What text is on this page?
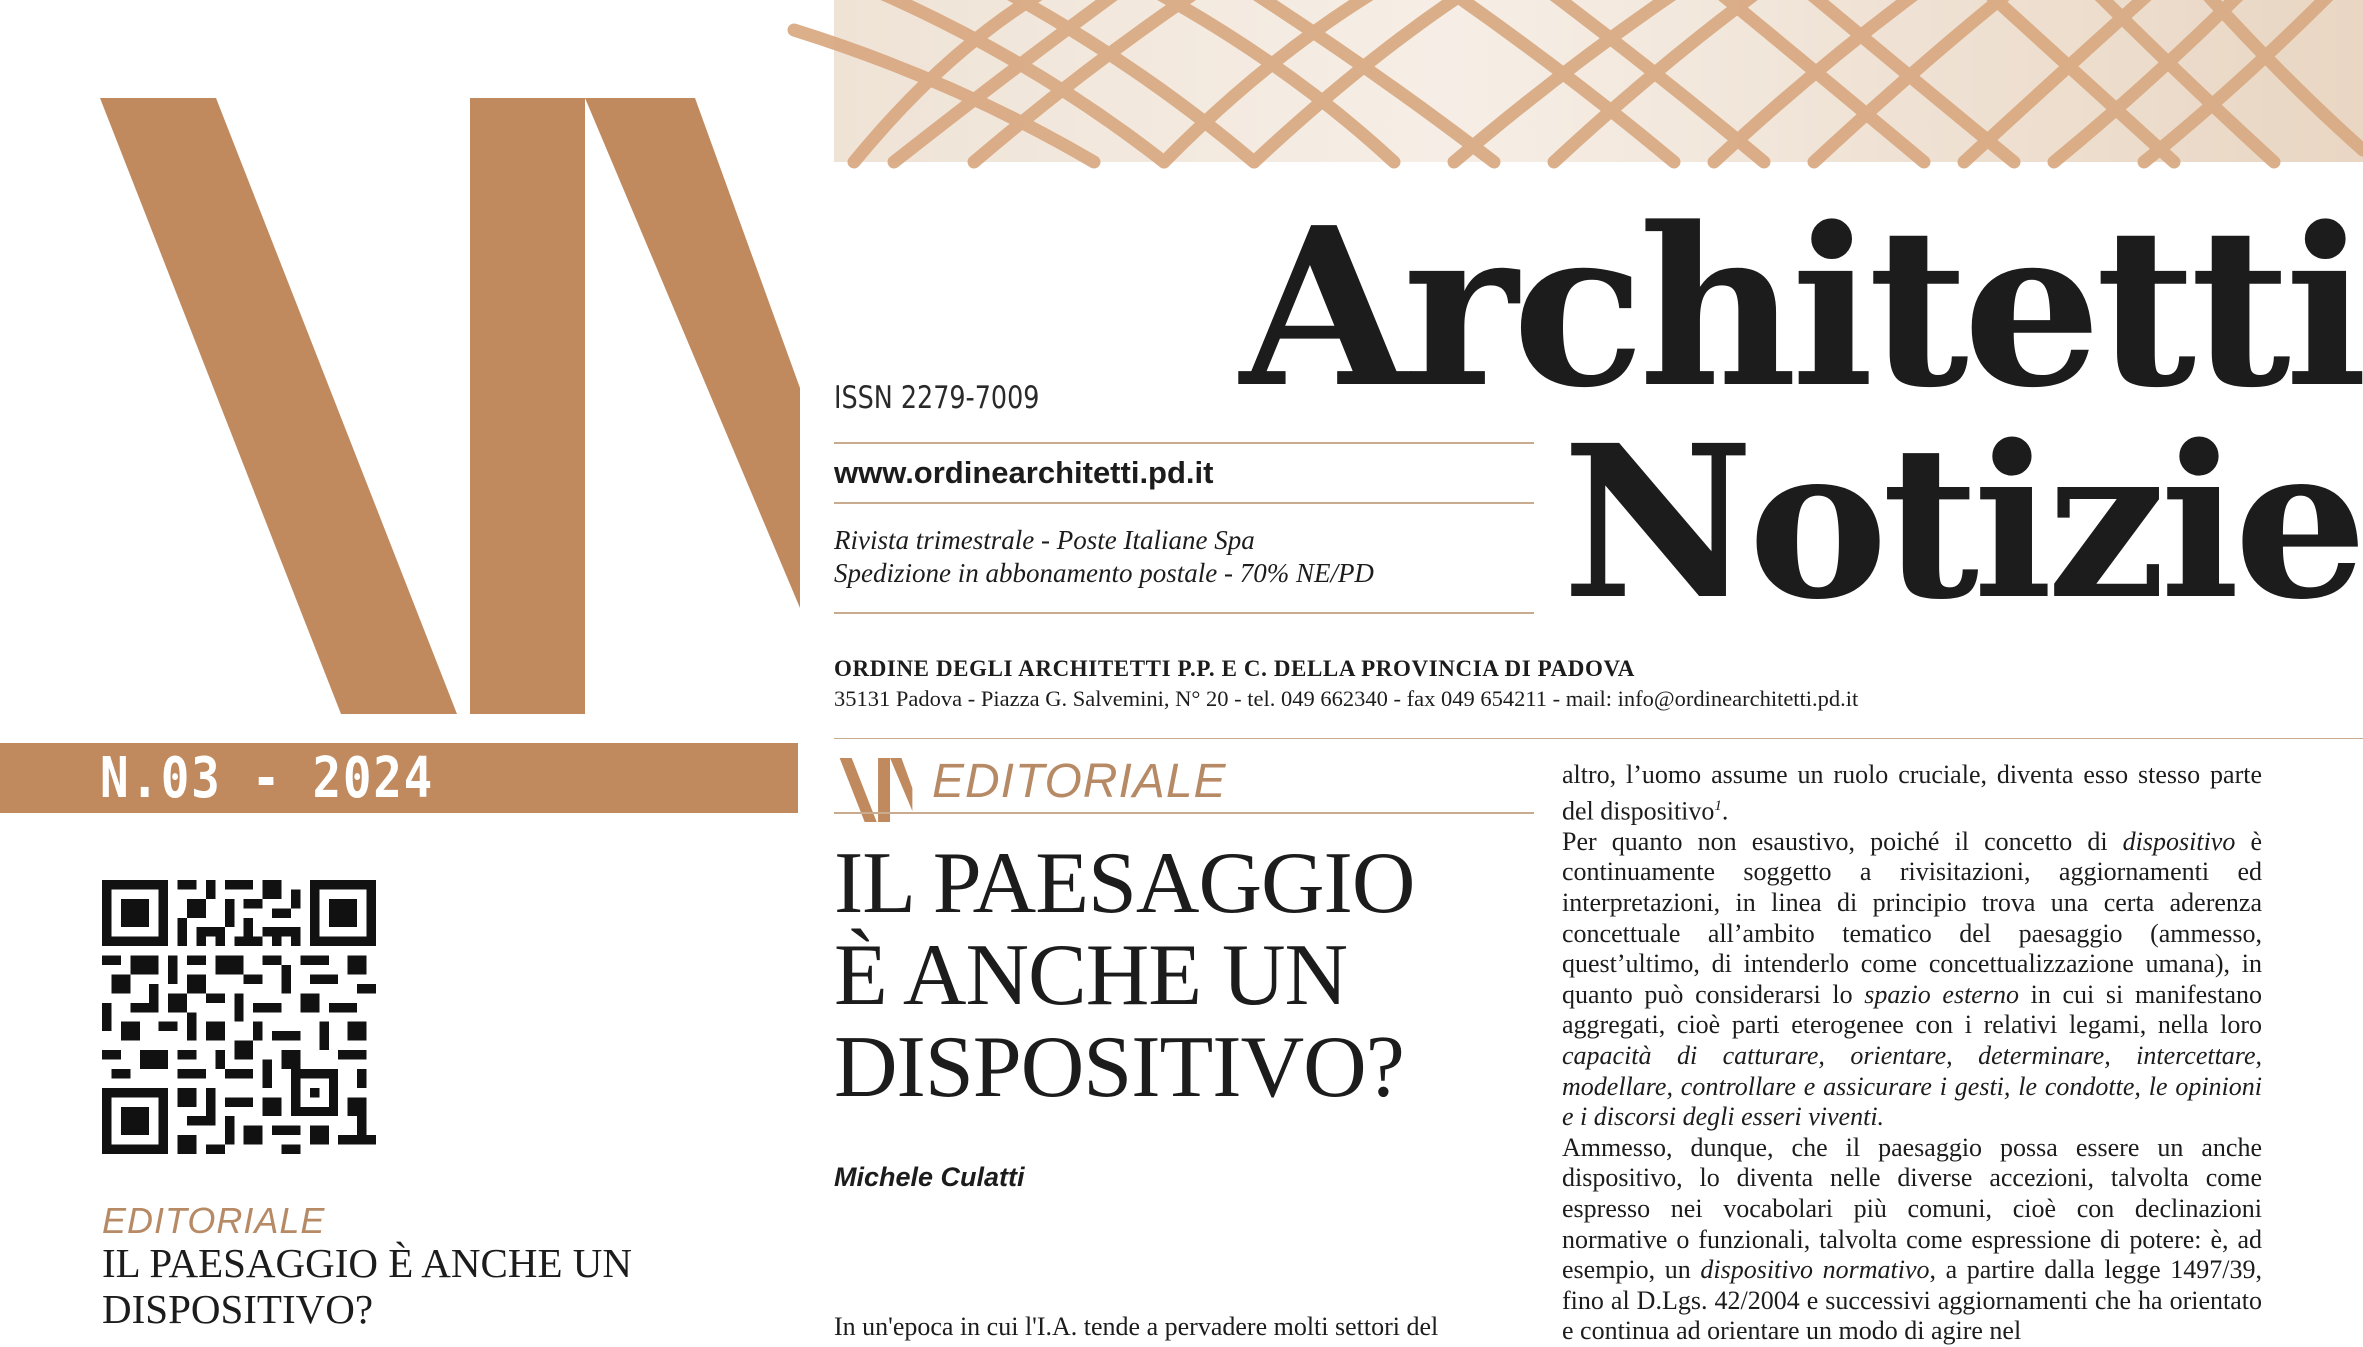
N.03 - 2024
EDITORIALE
IL PAESAGGIO È ANCHE UN DISPOSITIVO?
Architetti
Notizie
ISSN 2279-7009
www.ordinearchitetti.pd.it
Rivista trimestrale - Poste Italiane Spa
Spedizione in abbonamento postale - 70% NE/PD
ORDINE DEGLI ARCHITETTI P.P. E C. DELLA PROVINCIA DI PADOVA
35131 Padova - Piazza G. Salvemini, N° 20 - tel. 049 662340 - fax 049 654211 - mail: info@ordinearchitetti.pd.it
EDITORIALE
IL PAESAGGIO
È ANCHE UN
DISPOSITIVO?
Michele Culatti
In un'epoca in cui l'I.A. tende a pervadere molti settori del

altro, l’uomo assume un ruolo cruciale, diventa esso stesso parte del dispositivo$^1$.

Per quanto non esaustivo, poiché il concetto di dispositivo è continuamente soggetto a rivisitazioni, aggiornamenti ed interpretazioni, in linea di principio trova una certa aderenza concettuale all’ambito tematico del paesaggio (ammesso, quest’ultimo, di intenderlo come concettualizzazione umana), in quanto può considerarsi lo spazio esterno in cui si manifestano aggregati, cioè parti eterogenee con i relativi legami, nella loro capacità di catturare, orientare, determinare, intercettare, modellare, controllare e assicurare i gesti, le condotte, le opinioni e i discorsi degli esseri viventi.

Ammesso, dunque, che il paesaggio possa essere un anche dispositivo, lo diventa nelle diverse accezioni, talvolta come espresso nei vocabolari più comuni, cioè con declinazioni normative o funzionali, talvolta come espressione di potere: è, ad esempio, un dispositivo normativo, a partire dalla legge 1497/39, fino al D.Lgs. 42/2004 e successivi aggiornamenti che ha orientato e continua ad orientare un modo di agire nel
